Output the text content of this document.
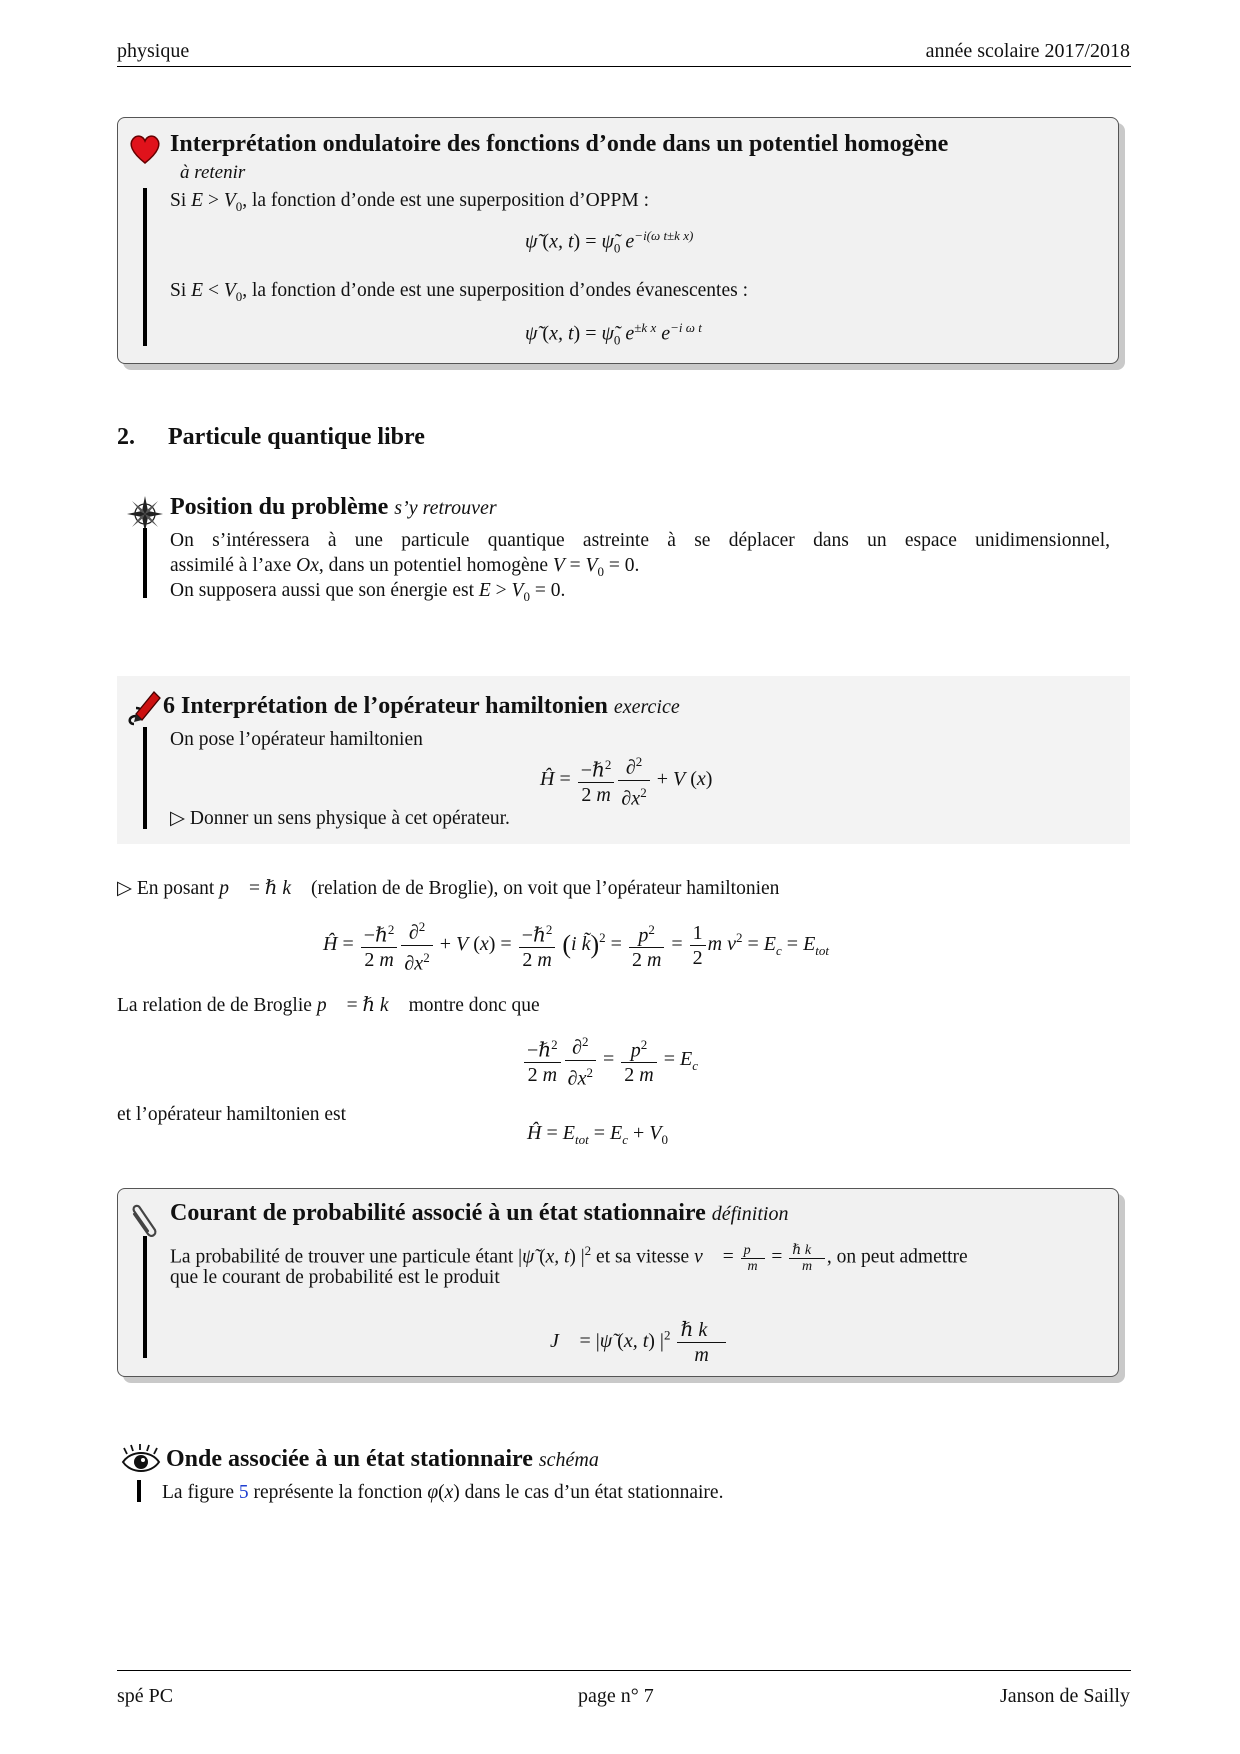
physique	année scolaire 2017/2018
Interprétation ondulatoire des fonctions d’onde dans un potentiel homogène
à retenir
Si $E > V_0$, la fonction d’onde est une superposition d’OPPM :
ψ̃ (x, $t) = \psĩ_0$ $e^{-i(\omega t\pm k x)}$
Si $E < V_0$, la fonction d’onde est une superposition d’ondes évanescentes :
ψ̃ (x, $t) = \psĩ_0$ $e^{\pm k x}$ $e^{-i \omega t}$
2. Particule quantique libre
Position du problème s’y retrouver
On s’intéressera à une particule quantique astreinte à se déplacer dans un espace unidimensionnel,
assimilé à l’axe Ox, dans un potentiel homogène $V = V_0 = 0$.
On supposera aussi que son énergie est $E > V_0 = 0$.
6 Interprétation de l’opérateur hamiltonien exercice
On pose l’opérateur hamiltonien
Ĥ = $\frac{-\hbar^2}{2 m} \frac{\partial^2}{\partial x^2} + V$ (x)
▷ Donner un sens physique à cet opérateur.
▷ En posant p⃗ = ℏ k⃗ (relation de de Broglie), on voit que l’opérateur hamiltonien
Ĥ = $\frac{-\hbar^2}{2 m} \frac{\partial^2}{\partial x^2} + V$ $(x) = \frac{-\hbar^2}{2 m} (i$ k̃)$^2$ = $\frac{p^2}{2 m} = \frac{1}{2}$ m $v^2 = E_c = E_{tot}$
La relation de de Broglie p⃗ = ℏ k⃗ montre donc que
$\frac{-\hbar^2}{2 m} \frac{\partial^2}{\partial x^2} = \frac{p^2}{2 m} = E_c$
et l’opérateur hamiltonien est
Ĥ = $E_{tot} = E_c + V_0$
Courant de probabilité associé à un état stationnaire définition
La probabilité de trouver une particule étant |ψ̃ (x, t) $|^2$ et sa vitesse v⃗ = $\frac{p⃗}{m} = \frac{\text{ℏ k⃗}}{m}$ , on peut admettre
que le courant de probabilité est le produit
J⃗ = |ψ̃ (x, t) $|^2 \frac{\text{ℏ k⃗}}{m}$
Onde associée à un état stationnaire schéma
La figure 5 représente la fonction φ(x) dans le cas d’un état stationnaire.
spé PC	page n° 7	Janson de Sailly
